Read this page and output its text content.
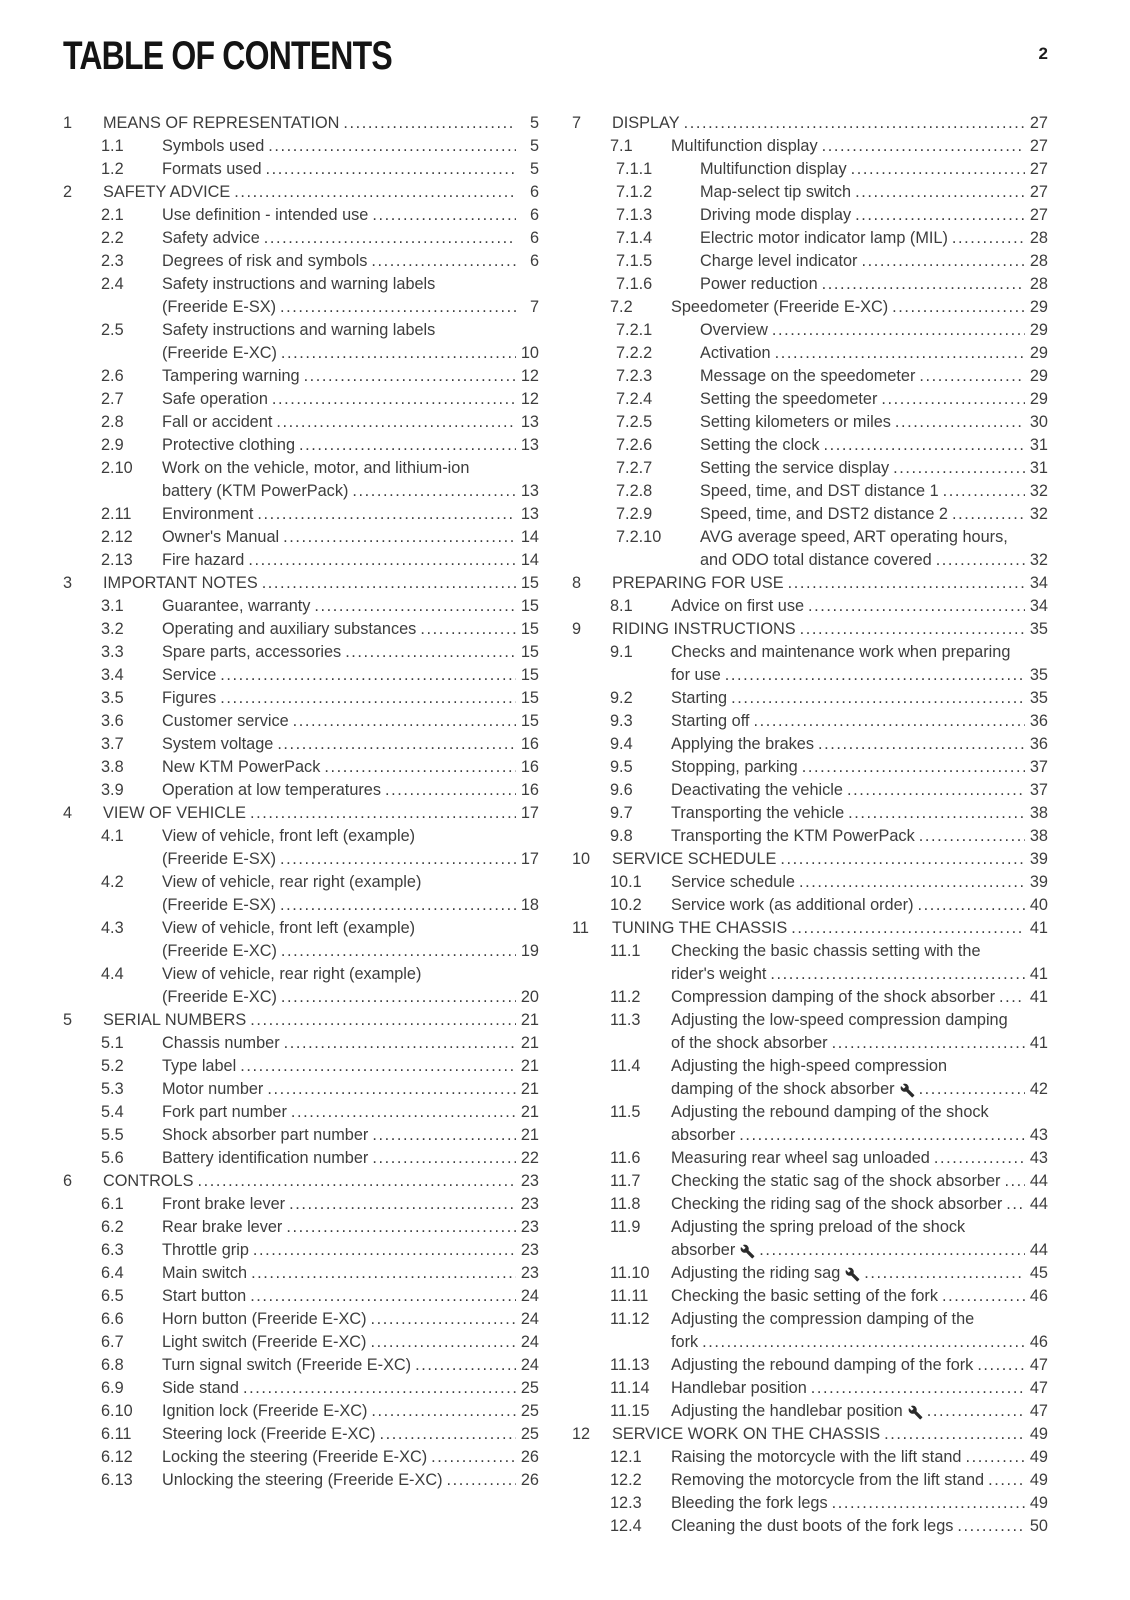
TABLE OF CONTENTS	2
1	MEANS OF REPRESENTATION .....	5
1.1	Symbols used .....	5
1.2	Formats used .....	5
2	SAFETY ADVICE .....	6
2.1	Use definition - intended use .....	6
2.2	Safety advice .....	6
2.3	Degrees of risk and symbols .....	6
2.4	Safety instructions and warning labels
(Freeride E-SX) .....	7
2.5	Safety instructions and warning labels
(Freeride E-XC) .....	10
2.6	Tampering warning .....	12
2.7	Safe operation .....	12
2.8	Fall or accident .....	13
2.9	Protective clothing .....	13
2.10	Work on the vehicle, motor, and lithium-ion
battery (KTM PowerPack) .....	13
2.11	Environment .....	13
2.12	Owner's Manual .....	14
2.13	Fire hazard .....	14
3	IMPORTANT NOTES .....	15
3.1	Guarantee, warranty .....	15
3.2	Operating and auxiliary substances .....	15
3.3	Spare parts, accessories .....	15
3.4	Service .....	15
3.5	Figures .....	15
3.6	Customer service .....	15
3.7	System voltage .....	16
3.8	New KTM PowerPack .....	16
3.9	Operation at low temperatures .....	16
4	VIEW OF VEHICLE .....	17
4.1	View of vehicle, front left (example)
(Freeride E-SX) .....	17
4.2	View of vehicle, rear right (example)
(Freeride E-SX) .....	18
4.3	View of vehicle, front left (example)
(Freeride E-XC) .....	19
4.4	View of vehicle, rear right (example)
(Freeride E-XC) .....	20
5	SERIAL NUMBERS .....	21
5.1	Chassis number .....	21
5.2	Type label .....	21
5.3	Motor number .....	21
5.4	Fork part number .....	21
5.5	Shock absorber part number .....	21
5.6	Battery identification number .....	22
6	CONTROLS .....	23
6.1	Front brake lever .....	23
6.2	Rear brake lever .....	23
6.3	Throttle grip .....	23
6.4	Main switch .....	23
6.5	Start button .....	24
6.6	Horn button (Freeride E-XC) .....	24
6.7	Light switch (Freeride E-XC) .....	24
6.8	Turn signal switch (Freeride E-XC) .....	24
6.9	Side stand .....	25
6.10	Ignition lock (Freeride E-XC) .....	25
6.11	Steering lock (Freeride E-XC) .....	25
6.12	Locking the steering (Freeride E-XC) .....	26
6.13	Unlocking the steering (Freeride E-XC) .....	26
7	DISPLAY .....	27
7.1	Multifunction display .....	27
7.1.1	Multifunction display .....	27
7.1.2	Map-select tip switch .....	27
7.1.3	Driving mode display .....	27
7.1.4	Electric motor indicator lamp (MIL) .....	28
7.1.5	Charge level indicator .....	28
7.1.6	Power reduction .....	28
7.2	Speedometer (Freeride E-XC) .....	29
7.2.1	Overview .....	29
7.2.2	Activation .....	29
7.2.3	Message on the speedometer .....	29
7.2.4	Setting the speedometer .....	29
7.2.5	Setting kilometers or miles .....	30
7.2.6	Setting the clock .....	31
7.2.7	Setting the service display .....	31
7.2.8	Speed, time, and DST distance 1 .....	32
7.2.9	Speed, time, and DST2 distance 2 .....	32
7.2.10	AVG average speed, ART operating hours,
and ODO total distance covered .....	32
8	PREPARING FOR USE .....	34
8.1	Advice on first use .....	34
9	RIDING INSTRUCTIONS .....	35
9.1	Checks and maintenance work when preparing
for use .....	35
9.2	Starting .....	35
9.3	Starting off .....	36
9.4	Applying the brakes .....	36
9.5	Stopping, parking .....	37
9.6	Deactivating the vehicle .....	37
9.7	Transporting the vehicle .....	38
9.8	Transporting the KTM PowerPack .....	38
10	SERVICE SCHEDULE .....	39
10.1	Service schedule .....	39
10.2	Service work (as additional order) .....	40
11	TUNING THE CHASSIS .....	41
11.1	Checking the basic chassis setting with the
rider's weight .....	41
11.2	Compression damping of the shock absorber ..... 41
11.3	Adjusting the low-speed compression damping
of the shock absorber .....	41
11.4	Adjusting the high-speed compression
damping of the shock absorber .....	42
11.5	Adjusting the rebound damping of the shock
absorber .....	43
11.6	Measuring rear wheel sag unloaded .....	43
11.7	Checking the static sag of the shock absorber ..... 44
11.8	Checking the riding sag of the shock absorber ..... 44
11.9	Adjusting the spring preload of the shock
absorber .....	44
11.10	Adjusting the riding sag .....	45
11.11	Checking the basic setting of the fork .....	46
11.12	Adjusting the compression damping of the
fork .....	46
11.13	Adjusting the rebound damping of the fork .....	47
11.14	Handlebar position .....	47
11.15	Adjusting the handlebar position .....	47
12	SERVICE WORK ON THE CHASSIS .....	49
12.1	Raising the motorcycle with the lift stand .....	49
12.2	Removing the motorcycle from the lift stand .....	49
12.3	Bleeding the fork legs .....	49
12.4	Cleaning the dust boots of the fork legs .....	50
